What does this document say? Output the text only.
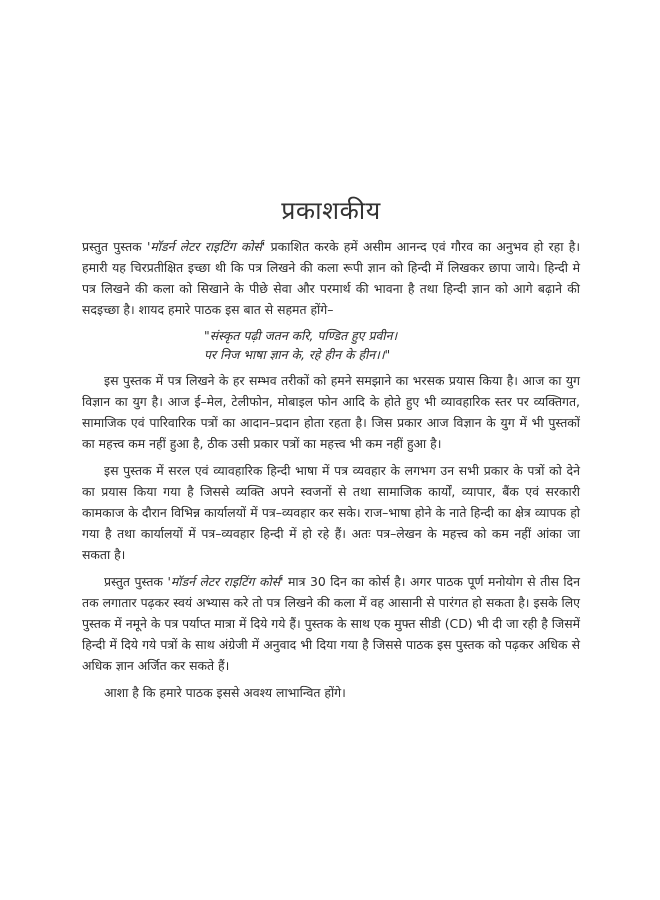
प्रकाशकीय

प्रस्तुत पुस्तक 'मॉडर्न लेटर राइटिंग कोर्स' प्रकाशित करके हमें असीम आनन्द एवं गौरव का अनुभव हो रहा है। हमारी यह चिरप्रतीक्षित इच्छा थी कि पत्र लिखने की कला रूपी ज्ञान को हिन्दी में लिखकर छापा जाये। हिन्दी मे पत्र लिखने की कला को सिखाने के पीछे सेवा और परमार्थ की भावना है तथा हिन्दी ज्ञान को आगे बढ़ाने की सदइच्छा है। शायद हमारे पाठक इस बात से सहमत होंगे–

"संस्कृत पढ़ी जतन करि, पण्डित हुए प्रवीन।
पर निज भाषा ज्ञान के, रहे हीन के हीन।।"

इस पुस्तक में पत्र लिखने के हर सम्भव तरीकों को हमने समझाने का भरसक प्रयास किया है। आज का युग विज्ञान का युग है। आज ई–मेल, टेलीफोन, मोबाइल फोन आदि के होते हुए भी व्यावहारिक स्तर पर व्यक्तिगत, सामाजिक एवं पारिवारिक पत्रों का आदान–प्रदान होता रहता है। जिस प्रकार आज विज्ञान के युग में भी पुस्तकों का महत्त्व कम नहीं हुआ है, ठीक उसी प्रकार पत्रों का महत्त्व भी कम नहीं हुआ है।

इस पुस्तक में सरल एवं व्यावहारिक हिन्दी भाषा में पत्र व्यवहार के लगभग उन सभी प्रकार के पत्रों को देने का प्रयास किया गया है जिससे व्यक्ति अपने स्वजनों से तथा सामाजिक कार्यों, व्यापार, बैंक एवं सरकारी कामकाज के दौरान विभिन्न कार्यालयों में पत्र–व्यवहार कर सके। राज–भाषा होने के नाते हिन्दी का क्षेत्र व्यापक हो गया है तथा कार्यालयों में पत्र–व्यवहार हिन्दी में हो रहे हैं। अतः पत्र–लेखन के महत्त्व को कम नहीं आंका जा सकता है।

प्रस्तुत पुस्तक 'मॉडर्न लेटर राइटिंग कोर्स' मात्र 30 दिन का कोर्स है। अगर पाठक पूर्ण मनोयोग से तीस दिन तक लगातार पढ़कर स्वयं अभ्यास करे तो पत्र लिखने की कला में वह आसानी से पारंगत हो सकता है। इसके लिए पुस्तक में नमूने के पत्र पर्याप्त मात्रा में दिये गये हैं। पुस्तक के साथ एक मुफ्त सीडी (CD) भी दी जा रही है जिसमें हिन्दी में दिये गये पत्रों के साथ अंग्रेजी में अनुवाद भी दिया गया है जिससे पाठक इस पुस्तक को पढ़कर अधिक से अधिक ज्ञान अर्जित कर सकते हैं।

आशा है कि हमारे पाठक इससे अवश्य लाभान्वित होंगे।
